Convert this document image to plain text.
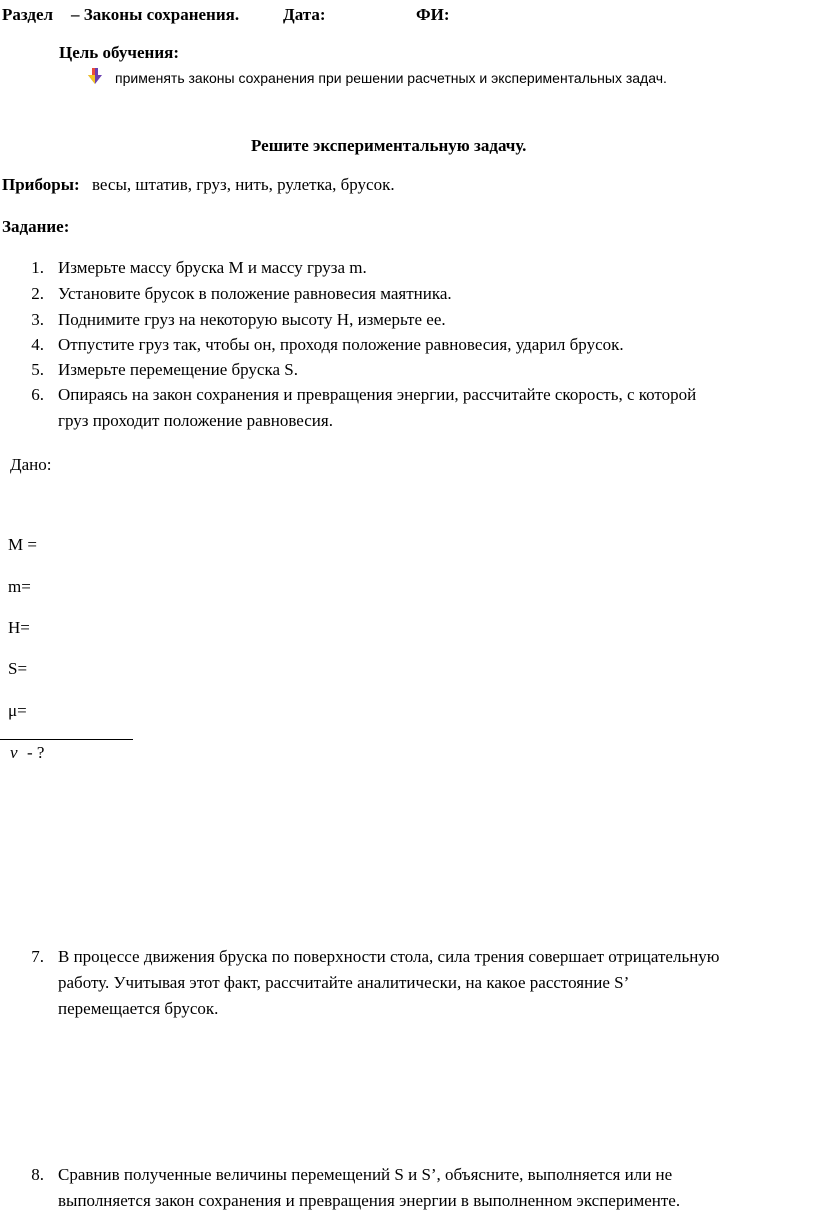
Раздел – Законы сохранения.	Дата:	ФИ:
Цель обучения:
применять законы сохранения при решении расчетных и экспериментальных задач.
Решите экспериментальную задачу.
Приборы: весы, штатив, груз, нить, рулетка, брусок.
Задание:
1. Измерьте массу бруска M и массу груза m.
2. Установите брусок в положение равновесия маятника.
3. Поднимите груз на некоторую высоту H, измерьте ее.
4. Отпустите груз так, чтобы он, проходя положение равновесия, ударил брусок.
5. Измерьте перемещение бруска S.
6. Опираясь на закон сохранения и превращения энергии, рассчитайте скорость, с которой
груз проходит положение равновесия.
Дано:
M =
m=
H=
S=
μ=
v - ?
7. В процессе движения бруска по поверхности стола, сила трения совершает отрицательную
работу. Учитывая этот факт, рассчитайте аналитически, на какое расстояние S’
перемещается брусок.
8. Сравнив полученные величины перемещений S и S’, объясните, выполняется или не
выполняется закон сохранения и превращения энергии в выполненном эксперименте.
